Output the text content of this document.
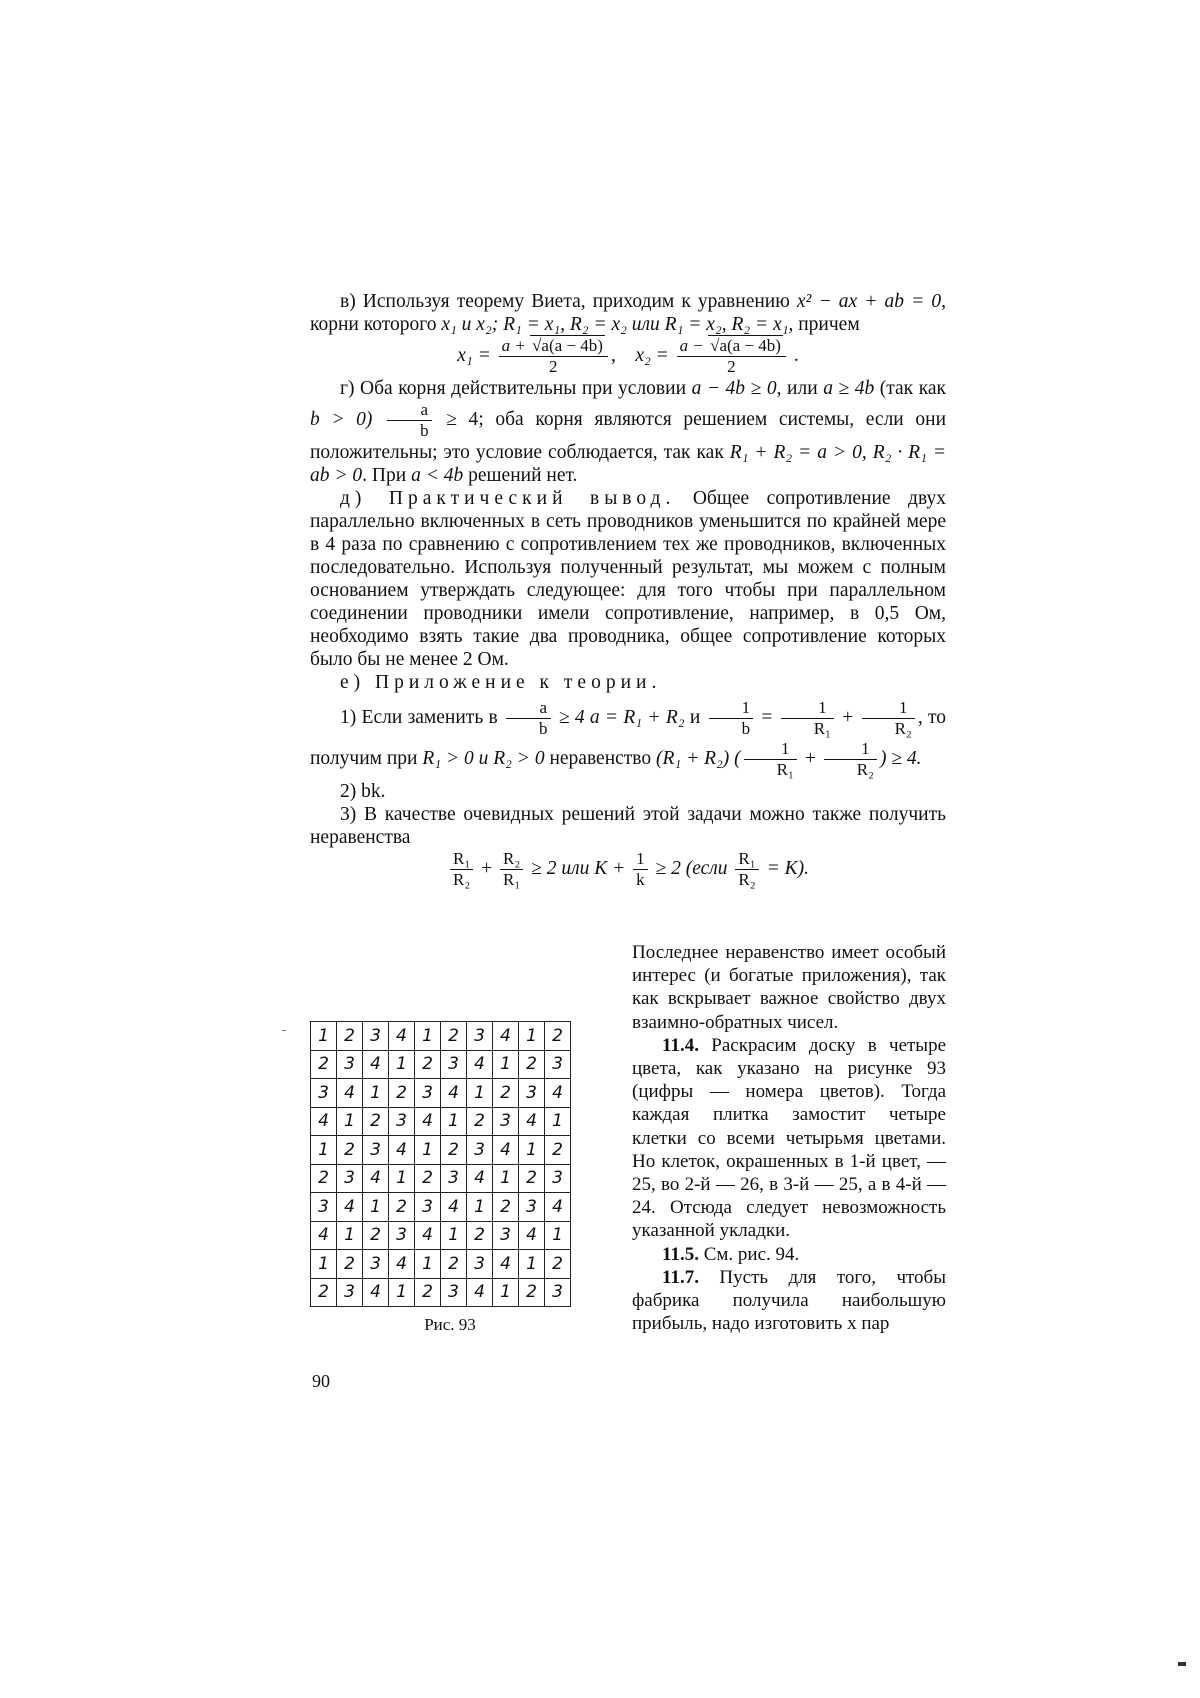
в) Используя теорему Виета, приходим к уравнению x² − ax + ab = 0, корни которого x₁ и x₂; R₁ = x₁, R₂ = x₂ или R₁ = x₂, R₂ = x₁, причем

$x_1 = \frac{a + √a(a - 4b)}{2}$ ,    $x_2 = \frac{a - √a(a - 4b)}{2}$ .

г) Оба корня действительны при условии a − 4b ≥ 0, или a ≥ 4b (так как $b > 0) \frac{a}{b} \ge 4$; оба корня являются решением системы, если они положительны; это условие соблюдается, так как R₁ + R₂ = a > 0, R₂ · R₁ = ab > 0. При a < 4b решений нет.

д) Практический вывод. Общее сопротивление двух параллельно включенных в сеть проводников уменьшится по крайней мере в 4 раза по сравнению с сопротивлением тех же проводников, включенных последовательно. Используя полученный результат, мы можем с полным основанием утверждать следующее: для того чтобы при параллельном соединении проводники имели сопротивление, например, в 0,5 Ом, необходимо взять такие два проводника, общее сопротивление которых было бы не менее 2 Ом.

е) Приложение к теории.

1) Если заменить в $\frac{a}{b} \ge 4$ a = R₁ + R₂ и $\frac{1}{b} = \frac{1}{\text{R₁}} + \frac{1}{\text{R₂}}$ , то получим при R₁ > 0 и R₂ > 0 неравенство (R₁ + R₂) ( $\frac{1}{\text{R₁}} + \frac{1}{\text{R₂}}$ ) ≥ 4.

2) bk.

3) В качестве очевидных решений этой задачи можно также получить неравенства

$\frac{\text{R₁}}{\text{R₂}} + \frac{\text{R₂}}{\text{R₁}} \ge 2$ или $K + \frac{1}{k} \ge 2$ (если $\frac{\text{R₁}}{\text{R₂}} = K$).

1	2	3	4	1	2	3	4	1	2
2	3	4	1	2	3	4	1	2	3
3	4	1	2	3	4	1	2	3	4
4	1	2	3	4	1	2	3	4	1
1	2	3	4	1	2	3	4	1	2
2	3	4	1	2	3	4	1	2	3
3	4	1	2	3	4	1	2	3	4
4	1	2	3	4	1	2	3	4	1
1	2	3	4	1	2	3	4	1	2
2	3	4	1	2	3	4	1	2	3
Рис. 93

Последнее неравенство имеет особый интерес (и богатые приложения), так как вскрывает важное свойство двух взаимно-обратных чисел.

11.4. Раскрасим доску в четыре цвета, как указано на рисунке 93 (цифры — номера цветов). Тогда каждая плитка замостит четыре клетки со всеми четырьмя цветами. Но клеток, окрашенных в 1-й цвет, —25, во 2-й — 26, в 3-й — 25, а в 4-й — 24. Отсюда следует невозможность указанной укладки.

11.5. См. рис. 94.

11.7. Пусть для того, чтобы фабрика получила наибольшую прибыль, надо изготовить x пар

90
